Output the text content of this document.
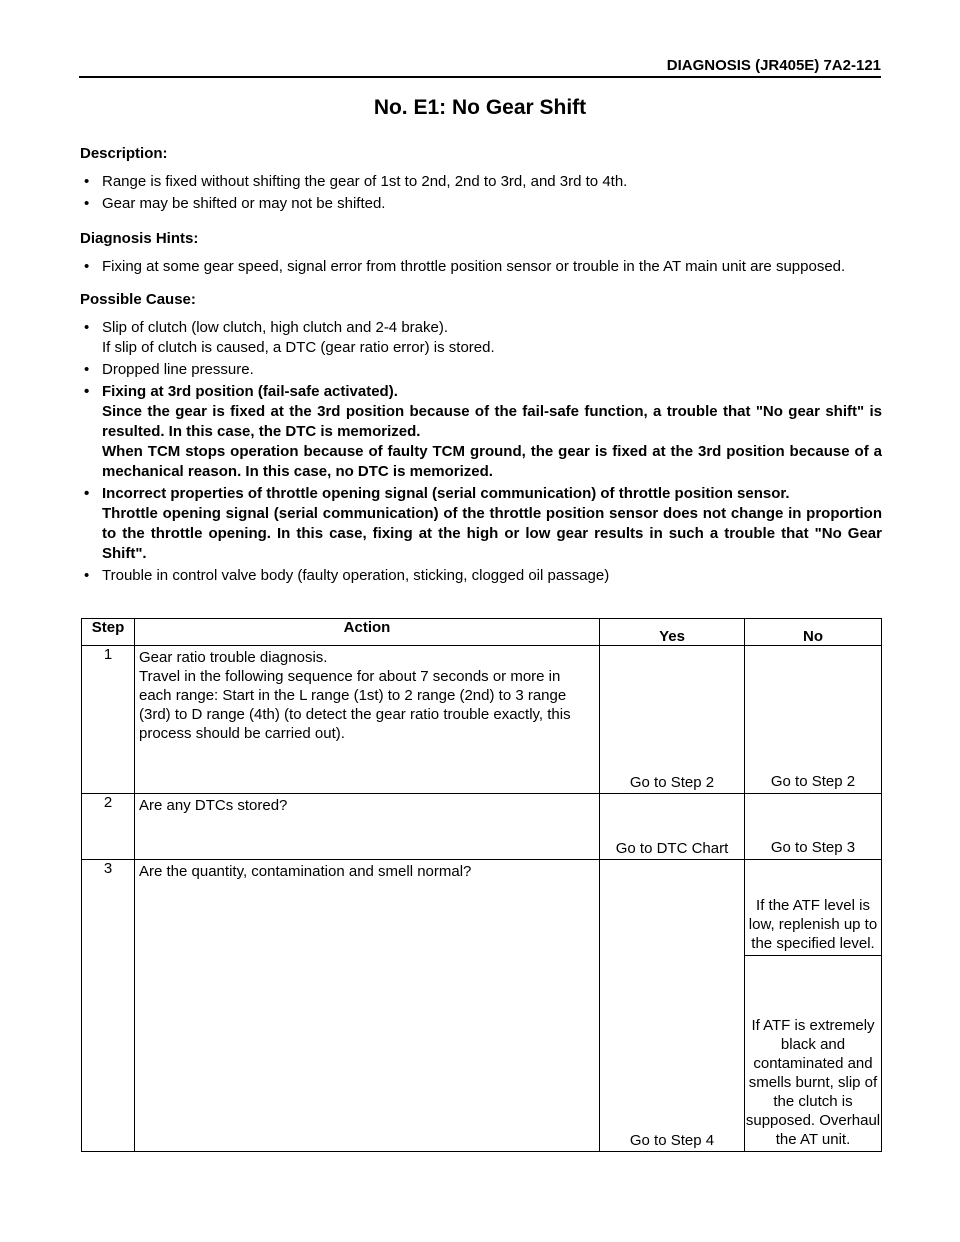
DIAGNOSIS (JR405E) 7A2-121
No. E1: No Gear Shift
Description:
• Range is fixed without shifting the gear of 1st to 2nd, 2nd to 3rd, and 3rd to 4th.
• Gear may be shifted or may not be shifted.
Diagnosis Hints:
• Fixing at some gear speed, signal error from throttle position sensor or trouble in the AT main unit are supposed.
Possible Cause:
• Slip of clutch (low clutch, high clutch and 2-4 brake).
If slip of clutch is caused, a DTC (gear ratio error) is stored.
• Dropped line pressure.
• Fixing at 3rd position (fail-safe activated).
Since the gear is fixed at the 3rd position because of the fail-safe function, a trouble that "No gear shift" is resulted. In this case, the DTC is memorized.
When TCM stops operation because of faulty TCM ground, the gear is fixed at the 3rd position because of a mechanical reason. In this case, no DTC is memorized.
• Incorrect properties of throttle opening signal (serial communication) of throttle position sensor.
Throttle opening signal (serial communication) of the throttle position sensor does not change in proportion to the throttle opening. In this case, fixing at the high or low gear results in such a trouble that "No Gear Shift".
• Trouble in control valve body (faulty operation, sticking, clogged oil passage)
Step	Action	Yes	No
1	Gear ratio trouble diagnosis.
Travel in the following sequence for about 7 seconds or more in each range: Start in the L range (1st) to 2 range (2nd) to 3 range (3rd) to D range (4th) (to detect the gear ratio trouble exactly, this process should be carried out).	Go to Step 2	Go to Step 2
2	Are any DTCs stored?	Go to DTC Chart	Go to Step 3
3	Are the quantity, contamination and smell normal?	Go to Step 4	If the ATF level is low, replenish up to the specified level.
			If ATF is extremely black and contaminated and smells burnt, slip of the clutch is supposed. Overhaul the AT unit.
